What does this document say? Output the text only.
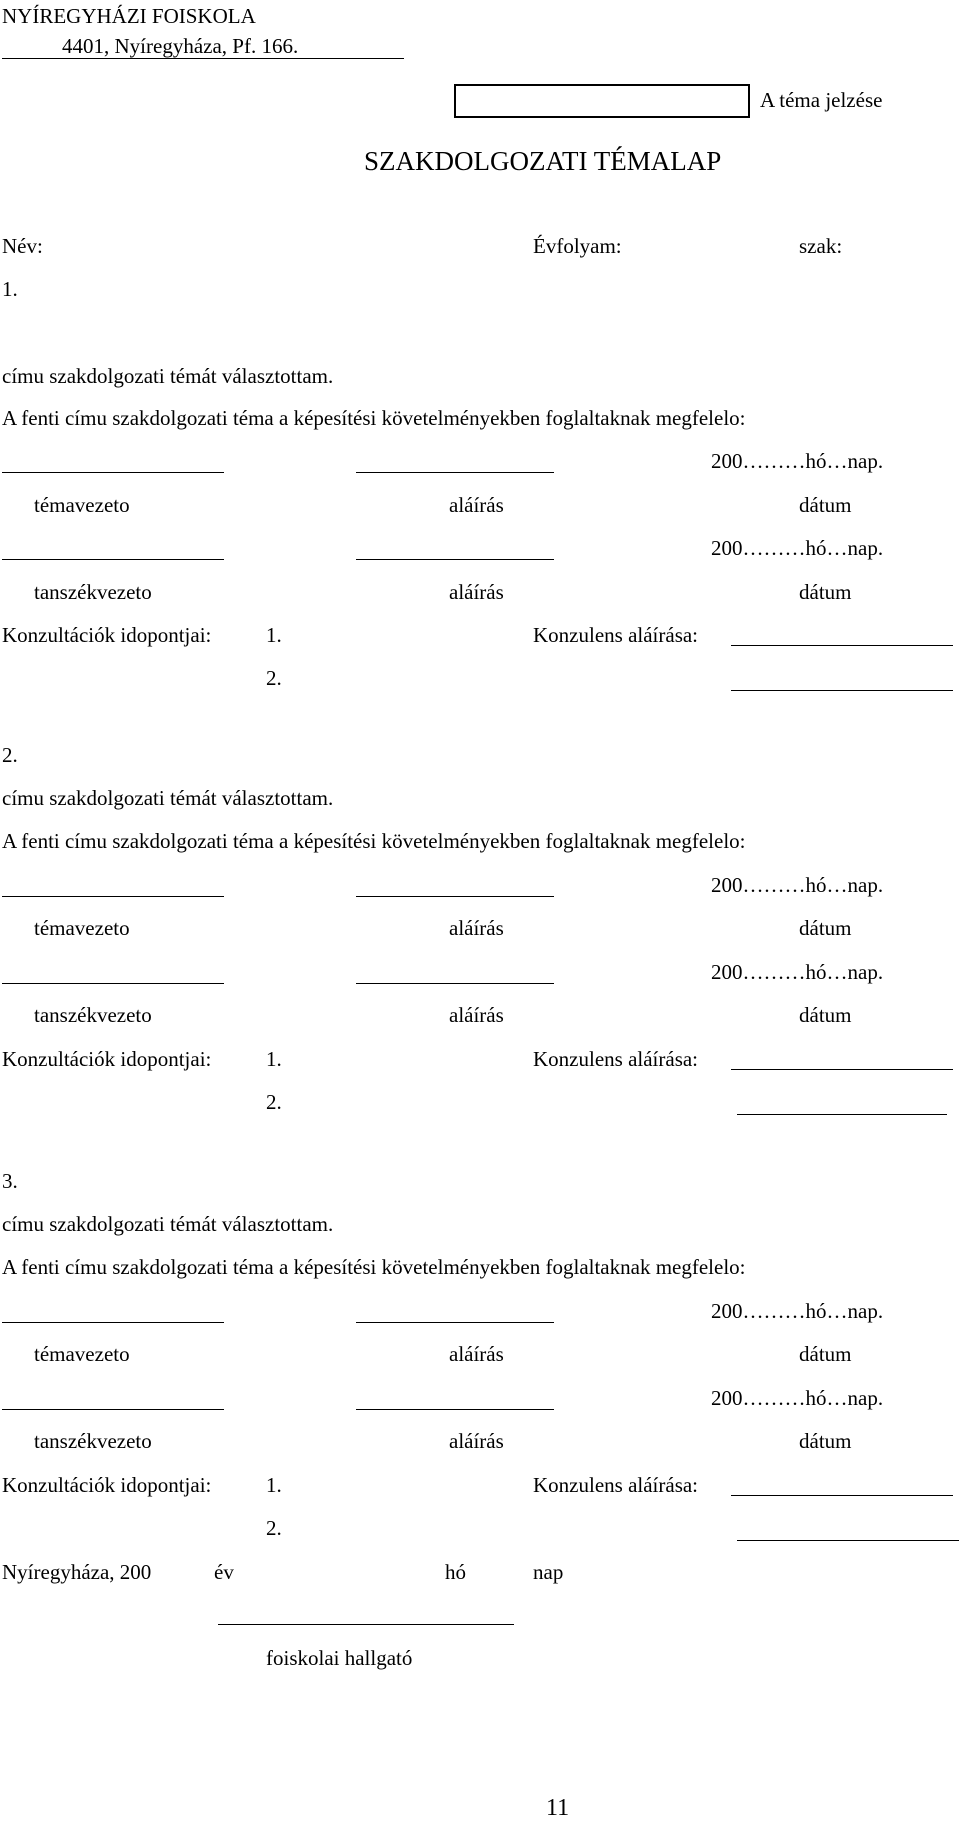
NYÍREGYHÁZI FOISKOLA
4401, Nyíregyháza, Pf. 166.
A téma jelzése
SZAKDOLGOZATI TÉMALAP
Név:	Évfolyam:	szak:
1.
címu szakdolgozati témát választottam.
A fenti címu szakdolgozati téma a képesítési követelményekben foglaltaknak megfelelo:
200………hó…nap.
témavezeto	aláírás	dátum
200………hó…nap.
tanszékvezeto	aláírás	dátum
Konzultációk idopontjai:	1.	Konzulens aláírása:
2.
2.
címu szakdolgozati témát választottam.
A fenti címu szakdolgozati téma a képesítési követelményekben foglaltaknak megfelelo:
200………hó…nap.
témavezeto	aláírás	dátum
200………hó…nap.
tanszékvezeto	aláírás	dátum
Konzultációk idopontjai:	1.	Konzulens aláírása:
2.
3.
címu szakdolgozati témát választottam.
A fenti címu szakdolgozati téma a képesítési követelményekben foglaltaknak megfelelo:
200………hó…nap.
témavezeto	aláírás	dátum
200………hó…nap.
tanszékvezeto	aláírás	dátum
Konzultációk idopontjai:	1.	Konzulens aláírása:
2.
Nyíregyháza, 200	év	hó	nap
foiskolai hallgató
11
